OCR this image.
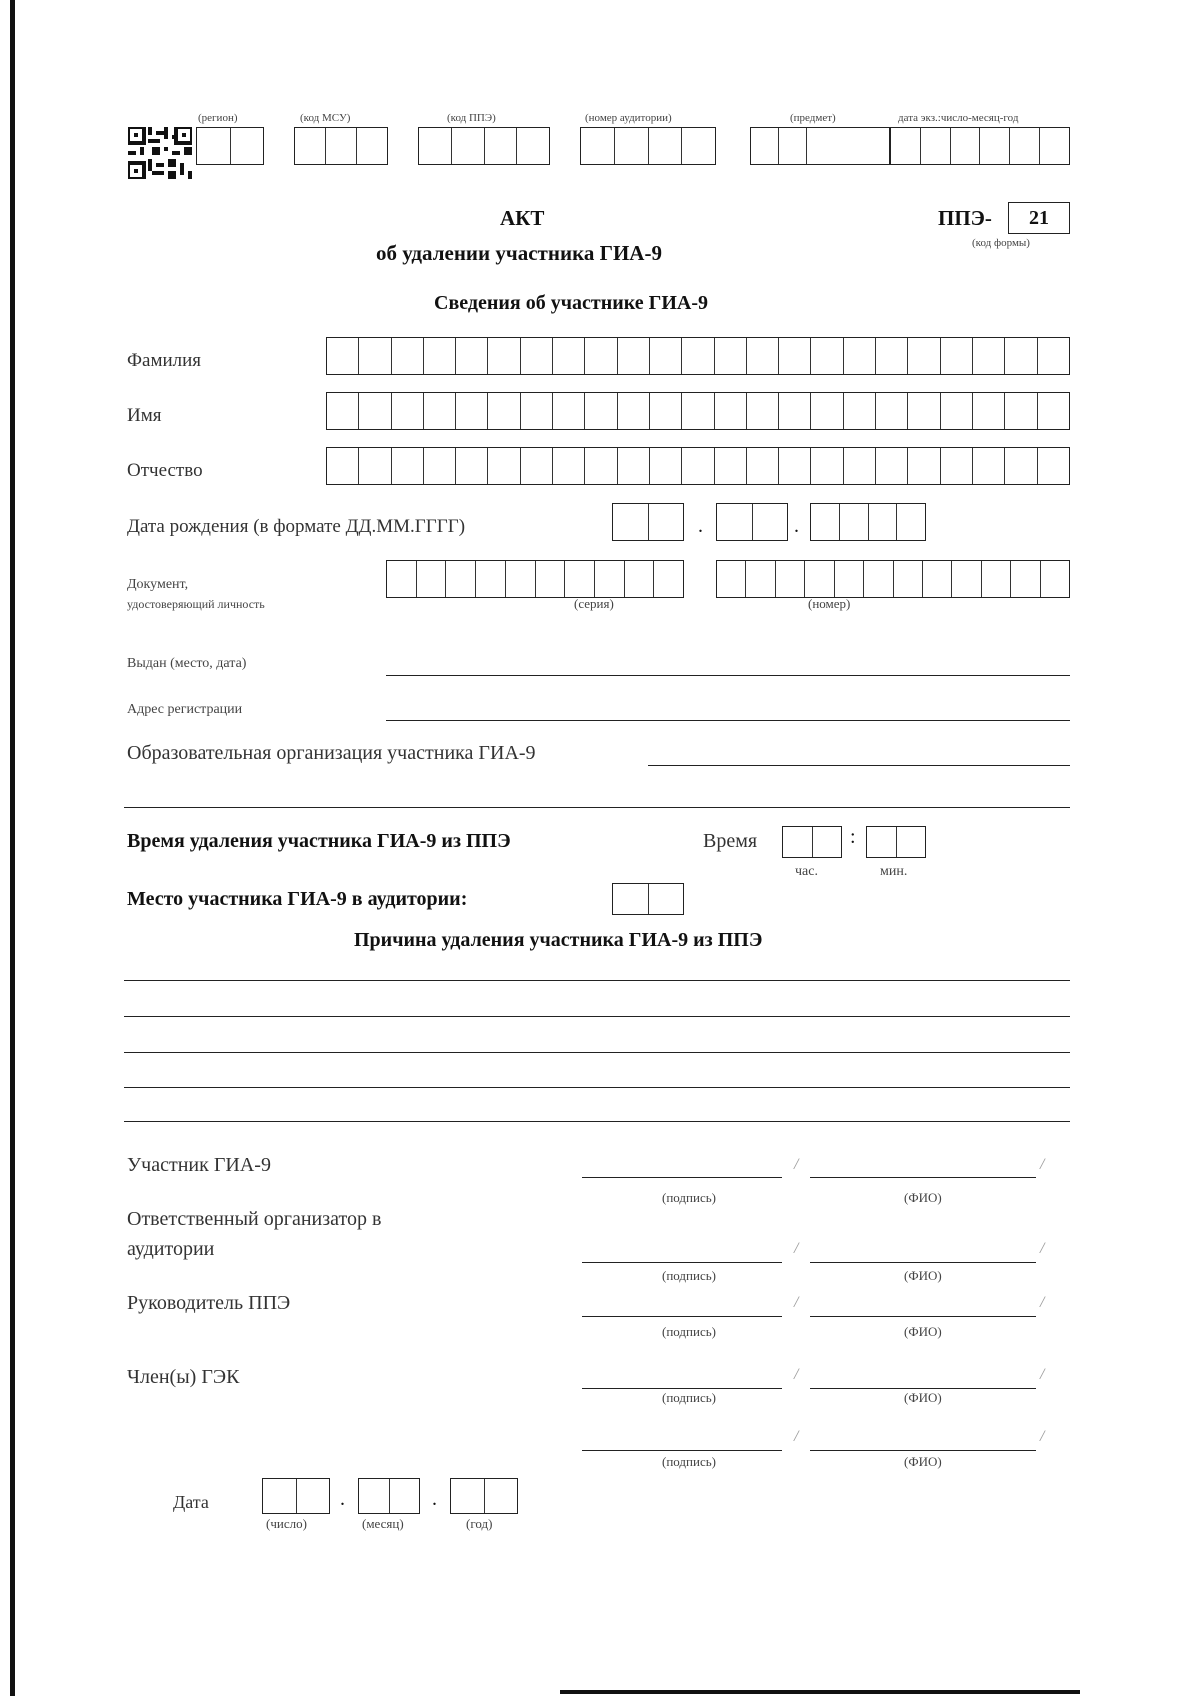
(регион)	(код МСУ)	(код ППЭ)	(номер аудитории)	(предмет)	дата экз.:число-месяц-год
АКТ
об удалении участника ГИА-9
ППЭ-	21
(код формы)
Сведения об участнике ГИА-9
Фамилия
Имя
Отчество
Дата рождения (в формате ДД.ММ.ГГГГ)	.	.
Документ,
удостоверяющий личность	(серия)	(номер)
Выдан (место, дата)
Адрес регистрации
Образовательная организация участника ГИА-9
Время удаления участника ГИА-9 из ППЭ	Время	:
час.	мин.
Место участника ГИА-9 в аудитории:
Причина удаления участника ГИА-9 из ППЭ
Участник ГИА-9	/	/
(подпись)	(ФИО)
Ответственный организатор в
аудитории	/	/
(подпись)	(ФИО)
Руководитель ППЭ	/	/
(подпись)	(ФИО)
Член(ы) ГЭК	/	/
(подпись)	(ФИО)
/	/
(подпись)	(ФИО)
Дата	.	.
(число)	(месяц)	(год)
